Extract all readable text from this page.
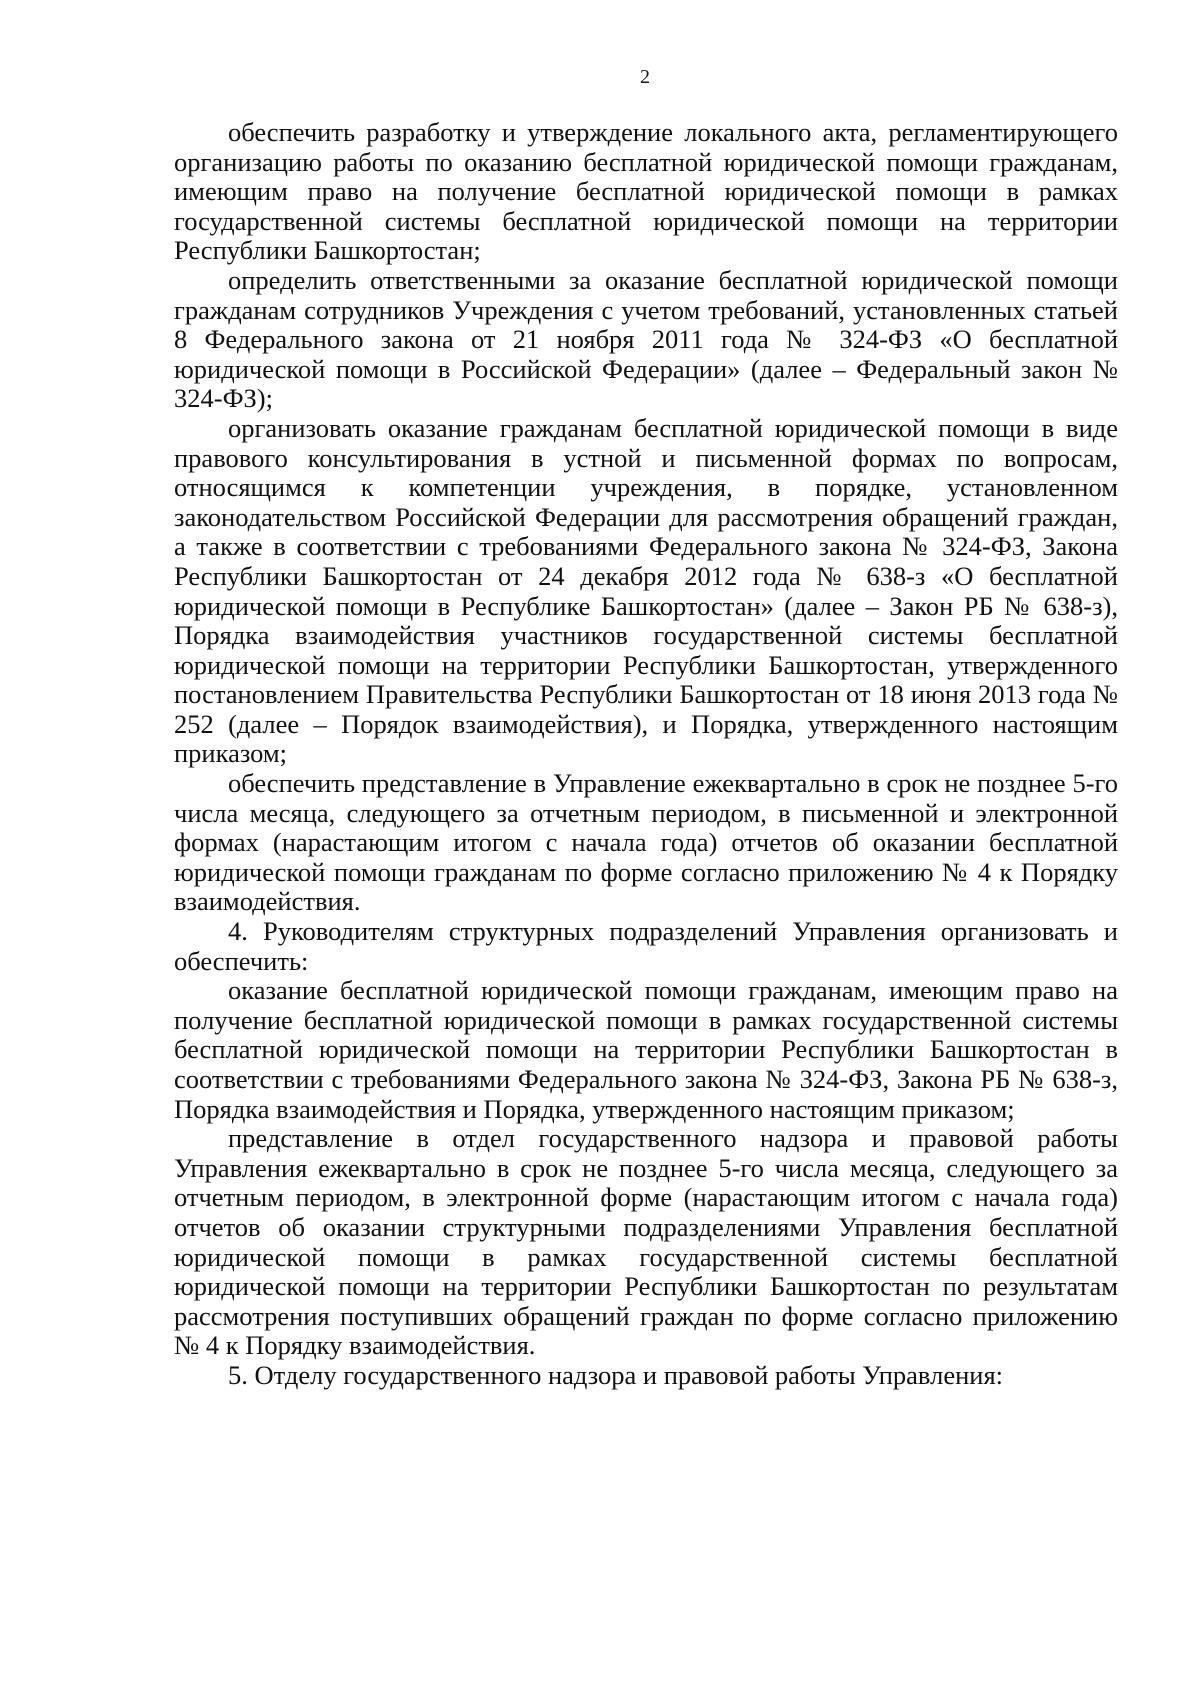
2

обеспечить разработку и утверждение локального акта, регламентирующего организацию работы по оказанию бесплатной юридической помощи гражданам, имеющим право на получение бесплатной юридической помощи в рамках государственной системы бесплатной юридической помощи на территории Республики Башкортостан;

определить ответственными за оказание бесплатной юридической помощи гражданам сотрудников Учреждения с учетом требований, установленных статьей 8 Федерального закона от 21 ноября 2011 года № 324-ФЗ «О бесплатной юридической помощи в Российской Федерации» (далее – Федеральный закон № 324-ФЗ);

организовать оказание гражданам бесплатной юридической помощи в виде правового консультирования в устной и письменной формах по вопросам, относящимся к компетенции учреждения, в порядке, установленном законодательством Российской Федерации для рассмотрения обращений граждан, а также в соответствии с требованиями Федерального закона № 324-ФЗ, Закона Республики Башкортостан от 24 декабря 2012 года № 638-з «О бесплатной юридической помощи в Республике Башкортостан» (далее – Закон РБ № 638-з), Порядка взаимодействия участников государственной системы бесплатной юридической помощи на территории Республики Башкортостан, утвержденного постановлением Правительства Республики Башкортостан от 18 июня 2013 года № 252 (далее – Порядок взаимодействия), и Порядка, утвержденного настоящим приказом;

обеспечить представление в Управление ежеквартально в срок не позднее 5-го числа месяца, следующего за отчетным периодом, в письменной и электронной формах (нарастающим итогом с начала года) отчетов об оказании бесплатной юридической помощи гражданам по форме согласно приложению № 4 к Порядку взаимодействия.

4. Руководителям структурных подразделений Управления организовать и обеспечить:

оказание бесплатной юридической помощи гражданам, имеющим право на получение бесплатной юридической помощи в рамках государственной системы бесплатной юридической помощи на территории Республики Башкортостан в соответствии с требованиями Федерального закона № 324-ФЗ, Закона РБ № 638-з, Порядка взаимодействия и Порядка, утвержденного настоящим приказом;

представление в отдел государственного надзора и правовой работы Управления ежеквартально в срок не позднее 5-го числа месяца, следующего за отчетным периодом, в электронной форме (нарастающим итогом с начала года) отчетов об оказании структурными подразделениями Управления бесплатной юридической помощи в рамках государственной системы бесплатной юридической помощи на территории Республики Башкортостан по результатам рассмотрения поступивших обращений граждан по форме согласно приложению № 4 к Порядку взаимодействия.

5. Отделу государственного надзора и правовой работы Управления:
